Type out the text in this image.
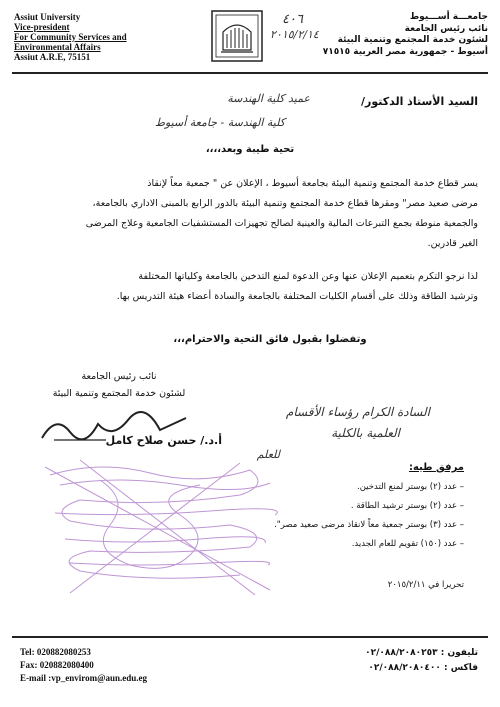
Assiut University
Vice-president
For Community Services and
Environmental Affairs
Assiut A.R.E, 75151
٤٠٦
٢٠١٥/٢/١٤
جامعـــة أســـيوط
نائب رئيس الجامعة
لشئون خدمة المجتمع وتنمية البيئة
أسيوط - جمهورية مصر العربية ٧١٥١٥
السيد الأستاذ الدكتور/
عميد كلية الهندسة
كلية الهندسة - جامعة أسيوط
تحية طيبة وبعد،،،،
يسر قطاع خدمة المجتمع وتنمية البيئة بجامعة أسيوط ، الإعلان عن " جمعية معاً لإنقاذ
مرضى صعيد مصر" ومقرها قطاع خدمة المجتمع وتنمية البيئة بالدور الرابع بالمبنى الاداري بالجامعة،
والجمعية منوطة بجمع التبرعات المالية والعينية لصالح تجهيزات المستشفيات الجامعية وعلاج المرضى
الغير قادرين.
لذا نرجو التكرم بتعميم الإعلان عنها وعن الدعوة لمنع التدخين بالجامعة وكلياتها المختلفة
وترشيد الطاقة وذلك على أقسام الكليات المختلفة بالجامعة والسادة أعضاء هيئة التدريس بها.
وتفضلوا بقبول فائق التحية والاحترام،،،
نائب رئيس الجامعة
لشئون خدمة المجتمع وتنمية البيئة
أ.د./ حسن صلاح كامل
السادة الكرام رؤساء الأقسام
العلمية بالكلية
للعلم
مرفق طيه:
– عدد (٢) بوستر لمنع التدخين.
– عدد (٢) بوستر ترشيد الطاقة .
– عدد (٣) بوستر جمعية معاً لانقاذ مرضى صعيد مصر".
– عدد (١٥٠) تقويم للعام الجديد.
تحريرا في ٢٠١٥/٢/١١
Tel: 020882080253
Fax: 020882080400
E-mail :vp_envirom@aun.edu.eg
تليفون : ٠٢/٠٨٨/٢٠٨٠٢٥٣
فاكس : ٠٢/٠٨٨/٢٠٨٠٤٠٠
